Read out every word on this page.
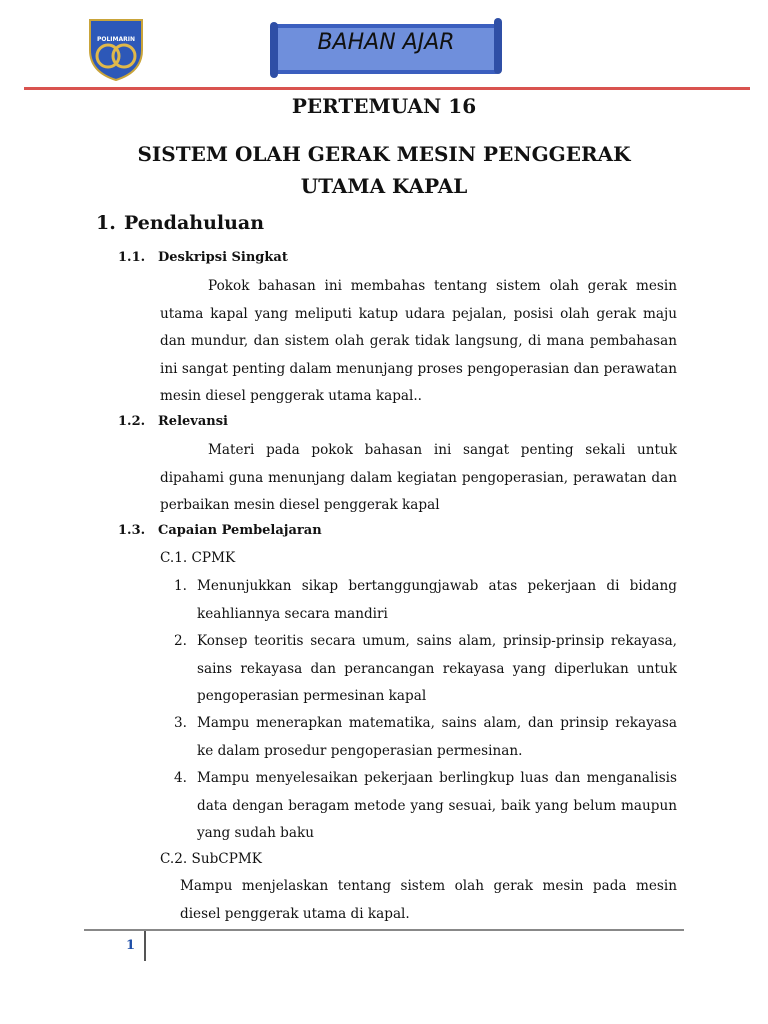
POLIMARIN	BAHAN AJAR
PERTEMUAN 16
SISTEM OLAH GERAK MESIN PENGGERAK UTAMA KAPAL
1. Pendahuluan
1.1. Deskripsi Singkat
Pokok bahasan ini membahas tentang sistem olah gerak mesin utama kapal yang meliputi katup udara pejalan, posisi olah gerak maju dan mundur, dan sistem olah gerak tidak langsung, di mana pembahasan ini sangat penting dalam menunjang proses pengoperasian dan perawatan mesin diesel penggerak utama kapal..
1.2. Relevansi
Materi pada pokok bahasan ini sangat penting sekali untuk dipahami guna menunjang dalam kegiatan pengoperasian, perawatan dan perbaikan mesin diesel penggerak kapal
1.3. Capaian Pembelajaran
C.1. CPMK
1. Menunjukkan sikap bertanggungjawab atas pekerjaan di bidang keahliannya secara mandiri
2. Konsep teoritis secara umum, sains alam, prinsip-prinsip rekayasa, sains rekayasa dan perancangan rekayasa yang diperlukan untuk pengoperasian permesinan kapal
3. Mampu menerapkan matematika, sains alam, dan prinsip rekayasa ke dalam prosedur pengoperasian permesinan.
4. Mampu menyelesaikan pekerjaan berlingkup luas dan menganalisis data dengan beragam metode yang sesuai, baik yang belum maupun yang sudah baku
C.2. SubCPMK
Mampu menjelaskan tentang sistem olah gerak mesin pada mesin diesel penggerak utama di kapal.
1
